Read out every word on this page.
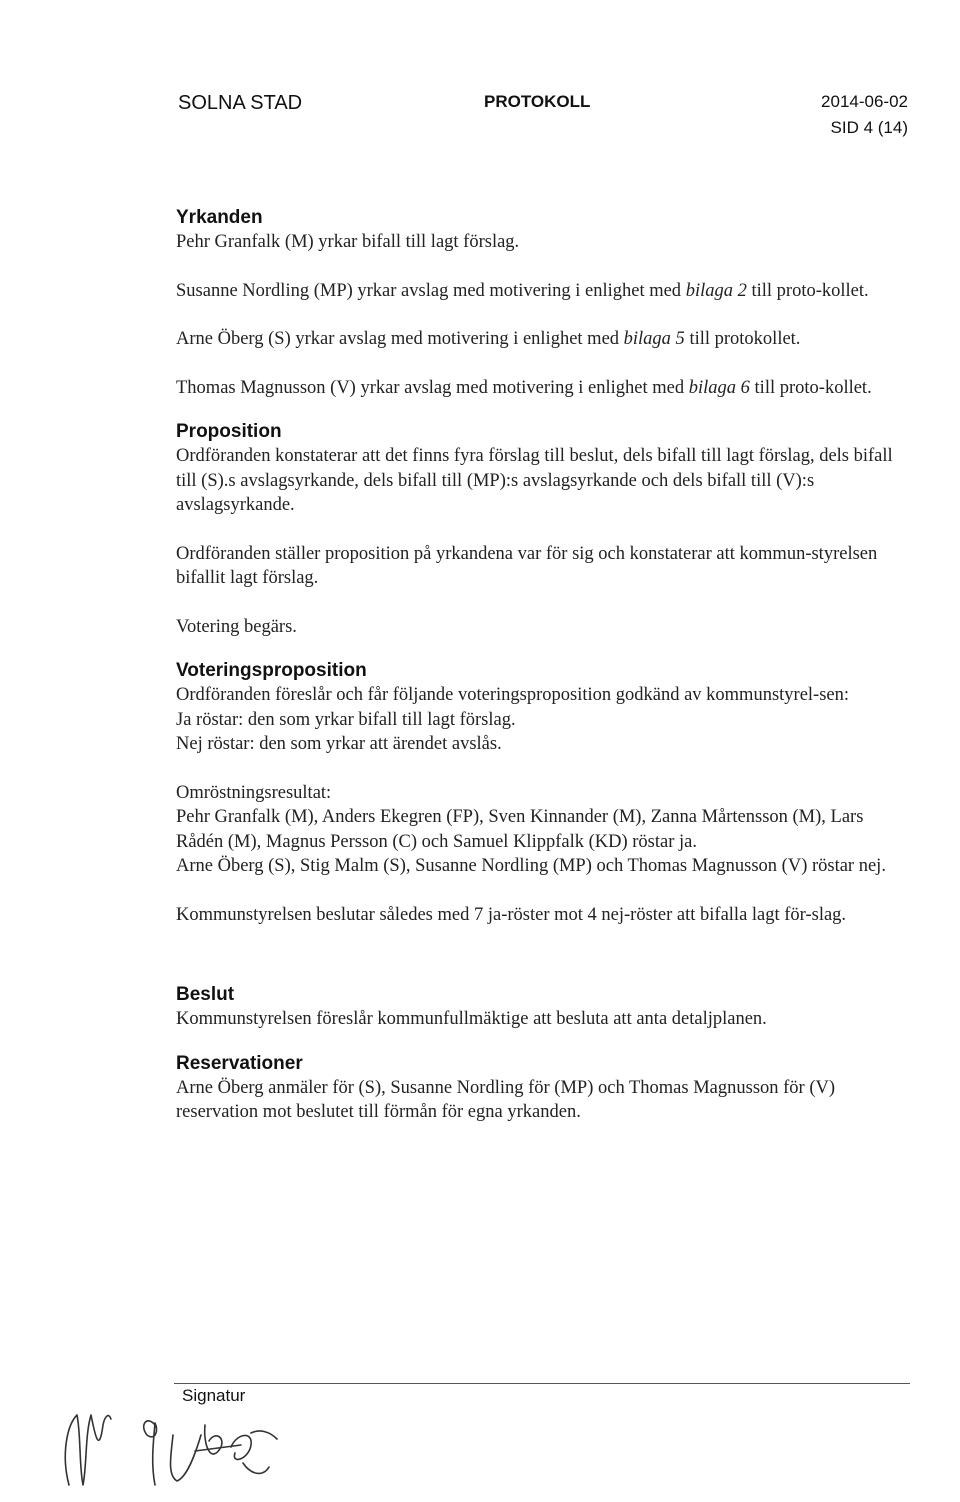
SOLNA STAD	PROTOKOLL	2014-06-02
SID 4 (14)
Yrkanden

Pehr Granfalk (M) yrkar bifall till lagt förslag.

Susanne Nordling (MP) yrkar avslag med motivering i enlighet med bilaga 2 till proto-kollet.

Arne Öberg (S) yrkar avslag med motivering i enlighet med bilaga 5 till protokollet.

Thomas Magnusson (V) yrkar avslag med motivering i enlighet med bilaga 6 till proto-kollet.

Proposition

Ordföranden konstaterar att det finns fyra förslag till beslut, dels bifall till lagt förslag, dels bifall till (S).s avslagsyrkande, dels bifall till (MP):s avslagsyrkande och dels bifall till (V):s avslagsyrkande.

Ordföranden ställer proposition på yrkandena var för sig och konstaterar att kommun-styrelsen bifallit lagt förslag.

Votering begärs.

Voteringsproposition

Ordföranden föreslår och får följande voteringsproposition godkänd av kommunstyrel-sen:

Ja röstar: den som yrkar bifall till lagt förslag.

Nej röstar: den som yrkar att ärendet avslås.

Omröstningsresultat:

Pehr Granfalk (M), Anders Ekegren (FP), Sven Kinnander (M), Zanna Mårtensson (M), Lars Rådén (M), Magnus Persson (C) och Samuel Klippfalk (KD) röstar ja.

Arne Öberg (S), Stig Malm (S), Susanne Nordling (MP) och Thomas Magnusson (V) röstar nej.

Kommunstyrelsen beslutar således med 7 ja-röster mot 4 nej-röster att bifalla lagt för-slag.

Beslut

Kommunstyrelsen föreslår kommunfullmäktige att besluta att anta detaljplanen.

Reservationer

Arne Öberg anmäler för (S), Susanne Nordling för (MP) och Thomas Magnusson för (V) reservation mot beslutet till förmån för egna yrkanden.

Signatur
